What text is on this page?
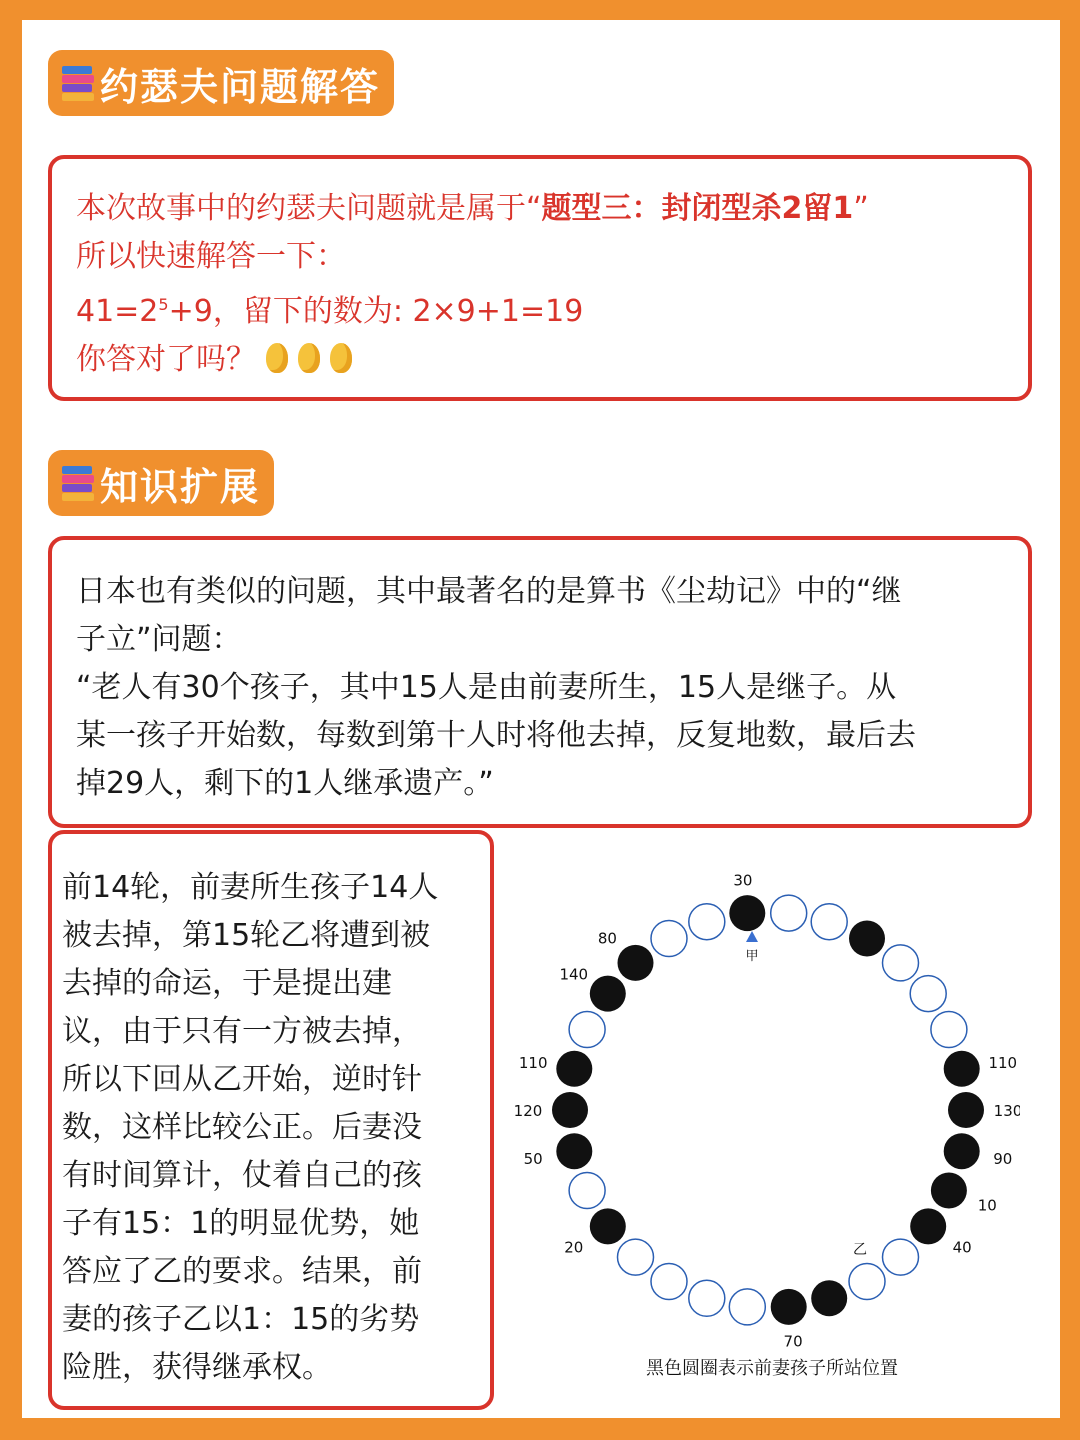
约瑟夫问题解答
本次故事中的约瑟夫问题就是属于“题型三：封闭型杀2留1”
所以快速解答一下：
$41=2^5+9$，留下的数为: 2×9+1=19
你答对了吗？
知识扩展
日本也有类似的问题，其中最著名的是算书《尘劫记》中的“继
子立”问题：
“老人有30个孩子，其中15人是由前妻所生，15人是继子。从
某一孩子开始数，每数到第十人时将他去掉，反复地数，最后去
掉29人，剩下的1人继承遗产。”
前14轮，前妻所生孩子14人
被去掉，第15轮乙将遭到被
去掉的命运，于是提出建
议，由于只有一方被去掉，
所以下回从乙开始，逆时针
数，这样比较公正。后妻没
有时间算计，仗着自己的孩
子有15：1的明显优势，她
答应了乙的要求。结果，前
妻的孩子乙以1：15的劣势
险胜，获得继承权。
110
130
90
10
40
70
20
50
120
110
140
80
30
甲
乙
黑色圆圈表示前妻孩子所站位置
